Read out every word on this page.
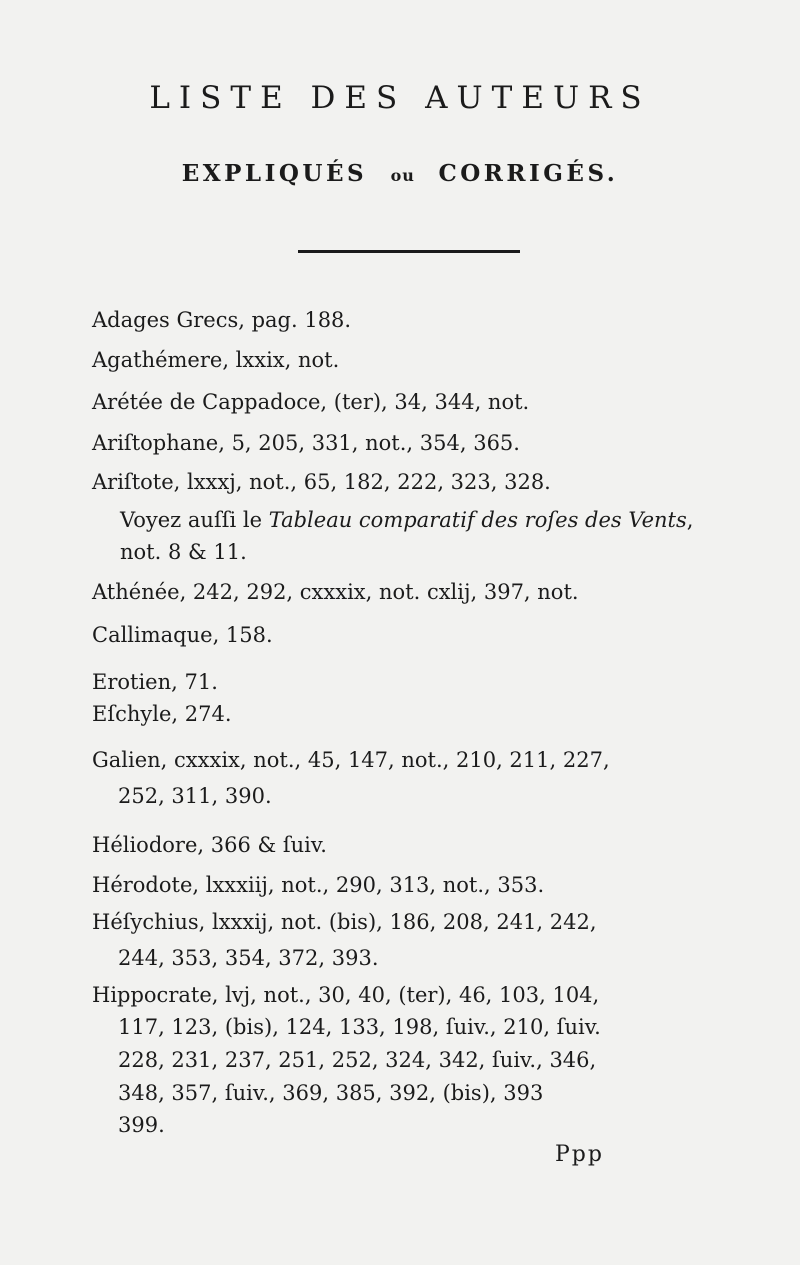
LISTE DES AUTEURS
EXPLIQUÉS ou CORRIGÉS.
Adages Grecs, pag. 188.
Agathémere, lxxix, not.
Arétée de Cappadoce, (ter), 34, 344, not.
Ariſtophane, 5, 205, 331, not., 354, 365.
Ariſtote, lxxxj, not., 65, 182, 222, 323, 328.
Voyez auſſi le Tableau comparatif des roſes des Vents,
not. 8 & 11.
Athénée, 242, 292, cxxxix, not. cxlij, 397, not.
Callimaque, 158.
Erotien, 71.
Eſchyle, 274.
Galien, cxxxix, not., 45, 147, not., 210, 211, 227,
252, 311, 390.
Héliodore, 366 & ſuiv.
Hérodote, lxxxiij, not., 290, 313, not., 353.
Héſychius, lxxxij, not. (bis), 186, 208, 241, 242,
244, 353, 354, 372, 393.
Hippocrate, lvj, not., 30, 40, (ter), 46, 103, 104,
117, 123, (bis), 124, 133, 198, ſuiv., 210, ſuiv.
228, 231, 237, 251, 252, 324, 342, ſuiv., 346,
348, 357, ſuiv., 369, 385, 392, (bis), 393
399.
Ppp
